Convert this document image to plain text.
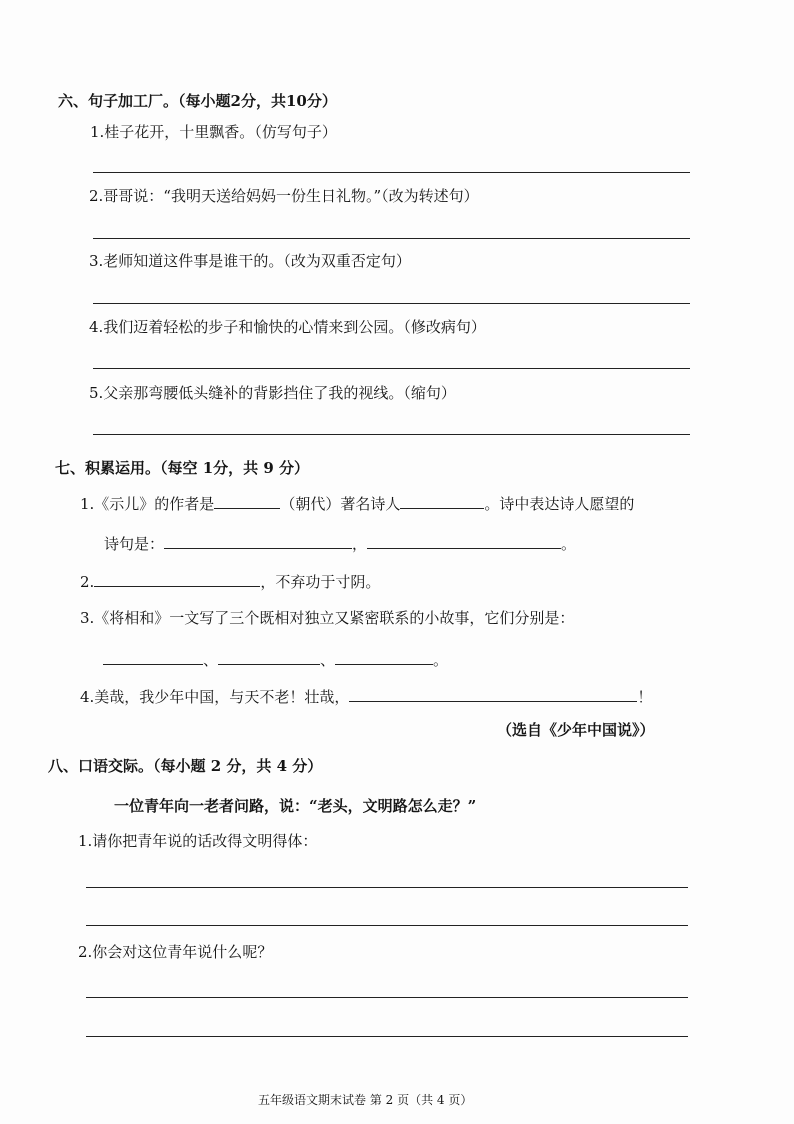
六、句子加工厂。（每小题2分，共10分）
1.桂子花开，十里飘香。（仿写句子）
2.哥哥说：“我明天送给妈妈一份生日礼物。”（改为转述句）
3.老师知道这件事是谁干的。（改为双重否定句）
4.我们迈着轻松的步子和愉快的心情来到公园。（修改病句）
5.父亲那弯腰低头缝补的背影挡住了我的视线。（缩句）
七、积累运用。（每空 1分，共 9 分）
1.《示儿》的作者是	（朝代）著名诗人	。诗中表达诗人愿望的
诗句是：	，	。
2.	，不弃功于寸阴。
3.《将相和》一文写了三个既相对独立又紧密联系的小故事，它们分别是：
、	、	。
4.美哉，我少年中国，与天不老！壮哉，	！
（选自《少年中国说》）
八、口语交际。（每小题 2 分，共 4 分）
一位青年向一老者问路，说：“老头，文明路怎么走？”
1.请你把青年说的话改得文明得体：
2.你会对这位青年说什么呢？
五年级语文期末试卷 第 2 页（共 4 页）
